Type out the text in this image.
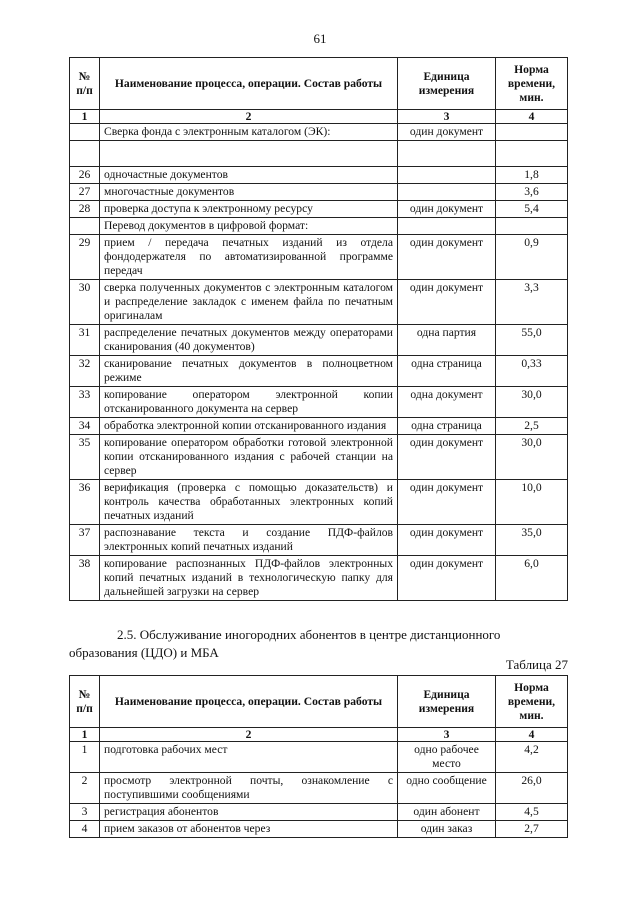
61
№ п/п	Наименование процесса, операции. Состав работы	Единица измерения	Норма времени, мин.
1	2	3	4
	Сверка фонда с электронным каталогом (ЭК):	один документ	

26	одночастные документов		1,8
27	многочастные документов		3,6
28	проверка доступа к электронному ресурсу	один документ	5,4
	Перевод документов в цифровой формат:		
29	прием / передача печатных изданий из отдела фондодержателя по автоматизированной программе передач	один документ	0,9
30	сверка полученных документов с электронным каталогом и распределение закладок с именем файла по печатным оригиналам	один документ	3,3
31	распределение печатных документов между операторами сканирования (40 документов)	одна партия	55,0
32	сканирование печатных документов в полноцветном режиме	одна страница	0,33
33	копирование оператором электронной копии отсканированного документа на сервер	одна документ	30,0
34	обработка электронной копии отсканированного издания	одна страница	2,5
35	копирование оператором обработки готовой электронной копии отсканированного издания с рабочей станции на сервер	один документ	30,0
36	верификация (проверка с помощью доказательств) и контроль качества обработанных электронных копий печатных изданий	один документ	10,0
37	распознавание текста и создание ПДФ-файлов электронных копий печатных изданий	один документ	35,0
38	копирование распознанных ПДФ-файлов электронных копий печатных изданий в технологическую папку для дальнейшей загрузки на сервер	один документ	6,0
2.5. Обслуживание иногородних абонентов в центре дистанционного образования (ЦДО) и МБА
Таблица 27
№ п/п	Наименование процесса, операции. Состав работы	Единица измерения	Норма времени, мин.
1	2	3	4
1	подготовка рабочих мест	одно рабочее место	4,2
2	просмотр электронной почты, ознакомление с поступившими сообщениями	одно сообщение	26,0
3	регистрация абонентов	один абонент	4,5
4	прием заказов от абонентов через	один заказ	2,7
